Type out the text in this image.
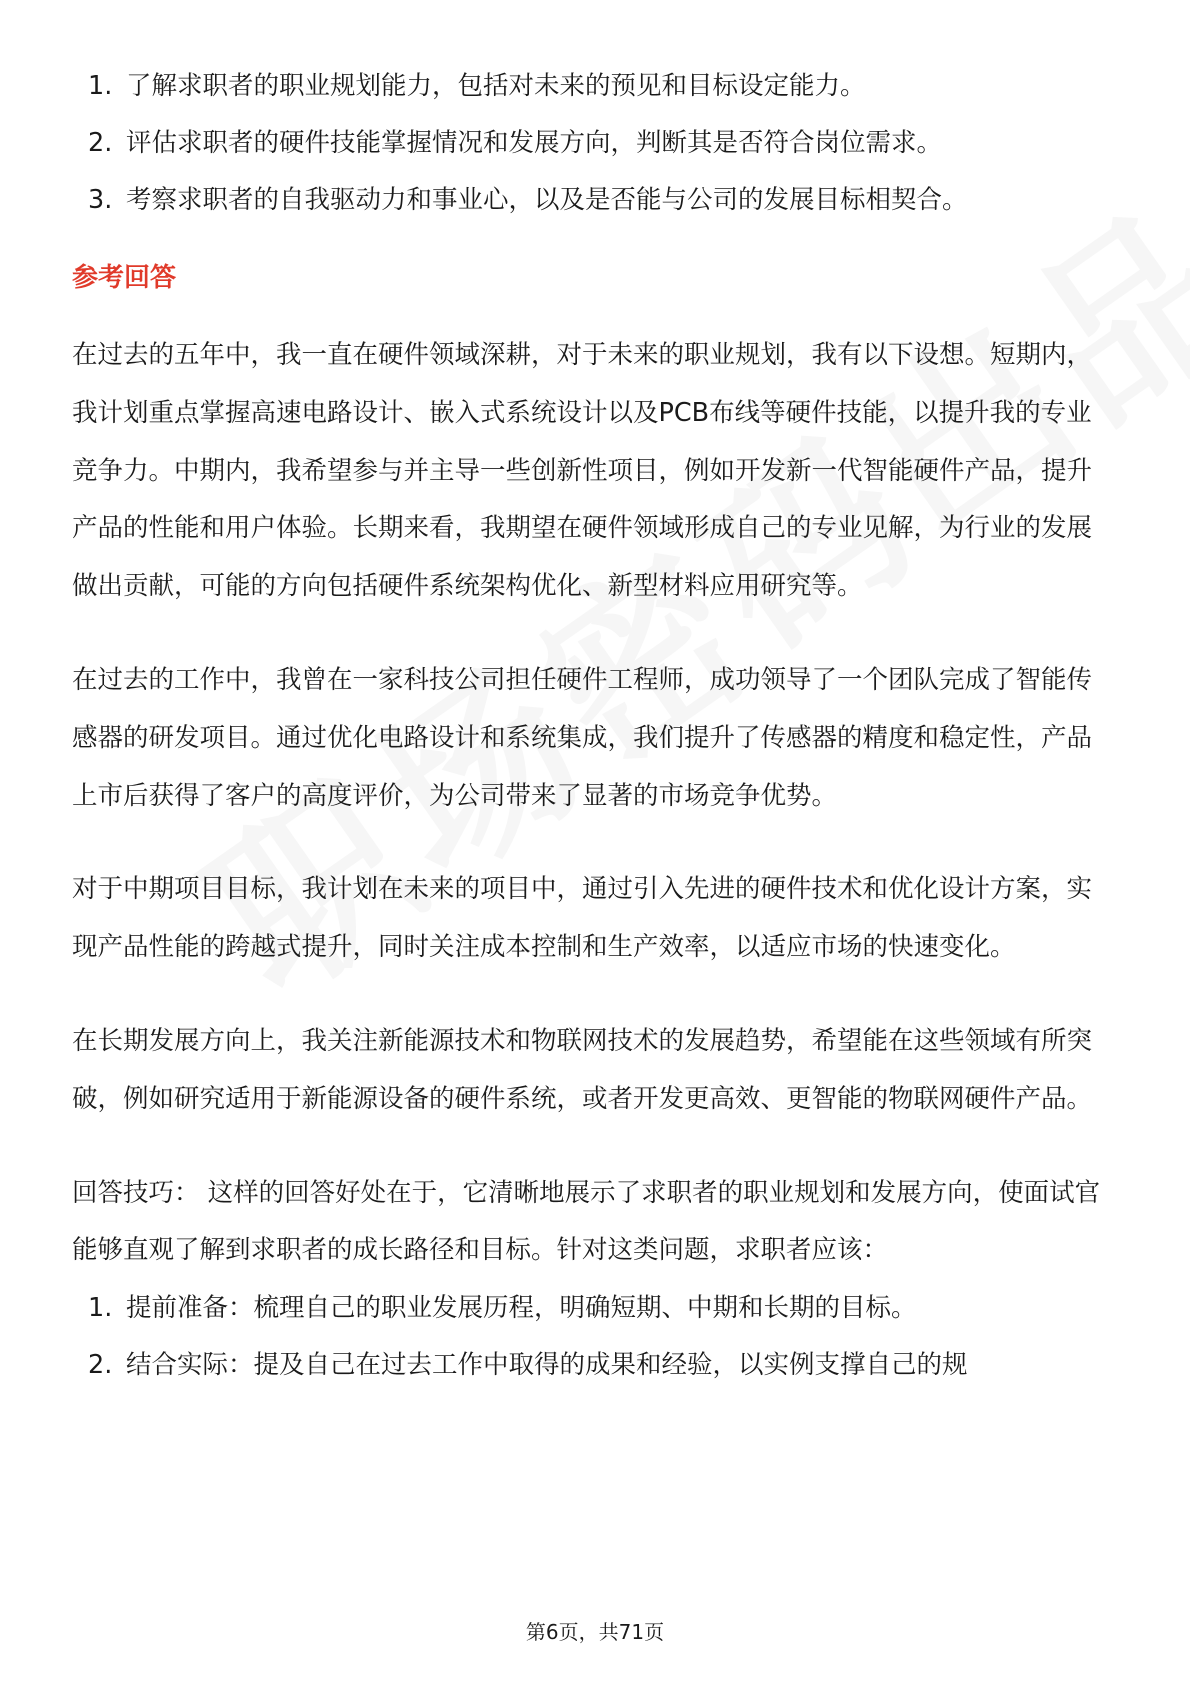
1. 了解求职者的职业规划能力，包括对未来的预见和目标设定能力。
2. 评估求职者的硬件技能掌握情况和发展方向，判断其是否符合岗位需求。
3. 考察求职者的自我驱动力和事业心，以及是否能与公司的发展目标相契合。
参考回答

在过去的五年中，我一直在硬件领域深耕，对于未来的职业规划，我有以下设想。短期内，我计划重点掌握高速电路设计、嵌入式系统设计以及PCB布线等硬件技能，以提升我的专业竞争力。中期内，我希望参与并主导一些创新性项目，例如开发新一代智能硬件产品，提升产品的性能和用户体验。长期来看，我期望在硬件领域形成自己的专业见解，为行业的发展做出贡献，可能的方向包括硬件系统架构优化、新型材料应用研究等。

在过去的工作中，我曾在一家科技公司担任硬件工程师，成功领导了一个团队完成了智能传感器的研发项目。通过优化电路设计和系统集成，我们提升了传感器的精度和稳定性，产品上市后获得了客户的高度评价，为公司带来了显著的市场竞争优势。

对于中期项目目标，我计划在未来的项目中，通过引入先进的硬件技术和优化设计方案，实现产品性能的跨越式提升，同时关注成本控制和生产效率，以适应市场的快速变化。

在长期发展方向上，我关注新能源技术和物联网技术的发展趋势，希望能在这些领域有所突破，例如研究适用于新能源设备的硬件系统，或者开发更高效、更智能的物联网硬件产品。

回答技巧： 这样的回答好处在于，它清晰地展示了求职者的职业规划和发展方向，使面试官能够直观了解到求职者的成长路径和目标。针对这类问题，求职者应该：

1. 提前准备：梳理自己的职业发展历程，明确短期、中期和长期的目标。
2. 结合实际：提及自己在过去工作中取得的成果和经验，以实例支撑自己的规
第6页，共71页
